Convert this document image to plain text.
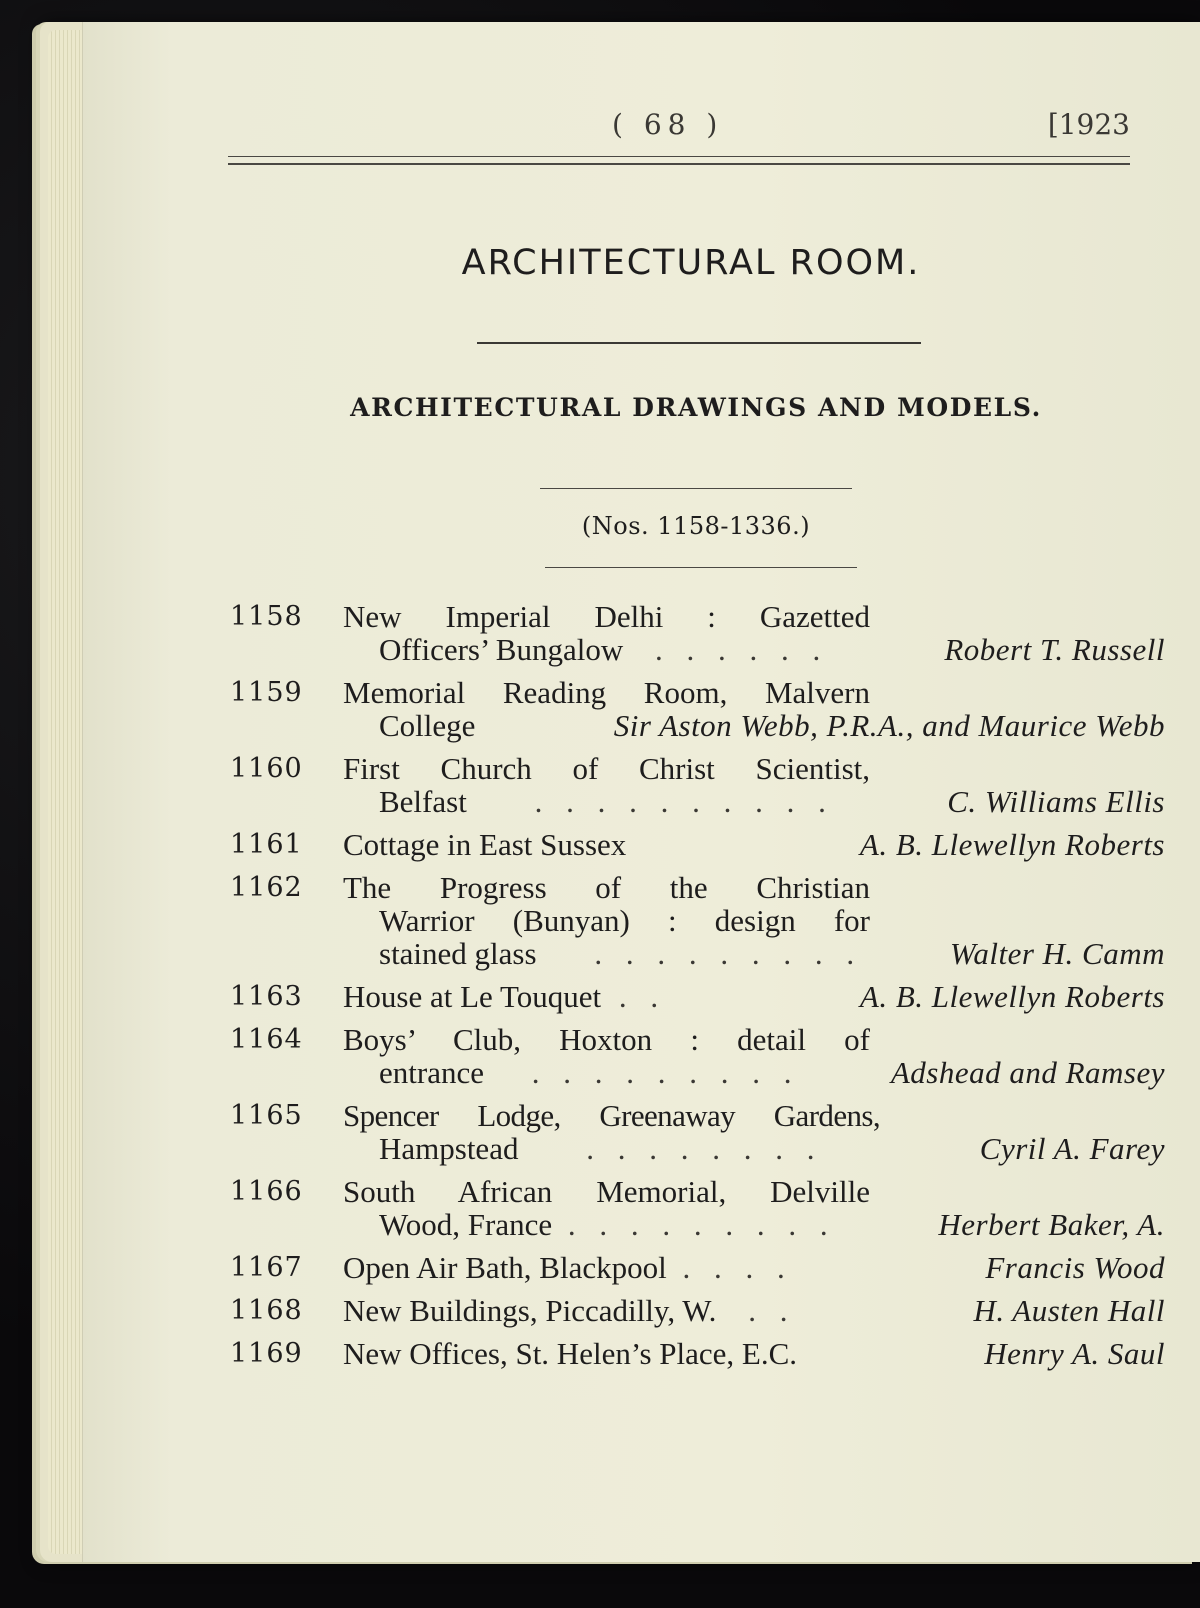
( 68 )	[1923
ARCHITECTURAL ROOM.
ARCHITECTURAL DRAWINGS AND MODELS.
(Nos. 1158-1336.)
1158	New Imperial Delhi : Gazetted
Officers’ Bungalow . . . . . .	Robert T. Russell
1159	Memorial Reading Room, Malvern
College	Sir Aston Webb, P.R.A., and Maurice Webb
1160	First Church of Christ Scientist,
Belfast . . . . . . . . . .	C. Williams Ellis
1161	Cottage in East Sussex	A. B. Llewellyn Roberts
1162	The Progress of the Christian
Warrior (Bunyan) : design for
stained glass . . . . . . . . .	Walter H. Camm
1163	House at Le Touquet . .	A. B. Llewellyn Roberts
1164	Boys’ Club, Hoxton : detail of
entrance . . . . . . . . .	Adshead and Ramsey
1165	Spencer Lodge, Greenaway Gardens,
Hampstead . . . . . . . .	Cyril A. Farey
1166	South African Memorial, Delville
Wood, France . . . . . . . . .	Herbert Baker, A.
1167	Open Air Bath, Blackpool . . . .	Francis Wood
1168	New Buildings, Piccadilly, W. . .	H. Austen Hall
1169	New Offices, St. Helen’s Place, E.C.	Henry A. Saul
